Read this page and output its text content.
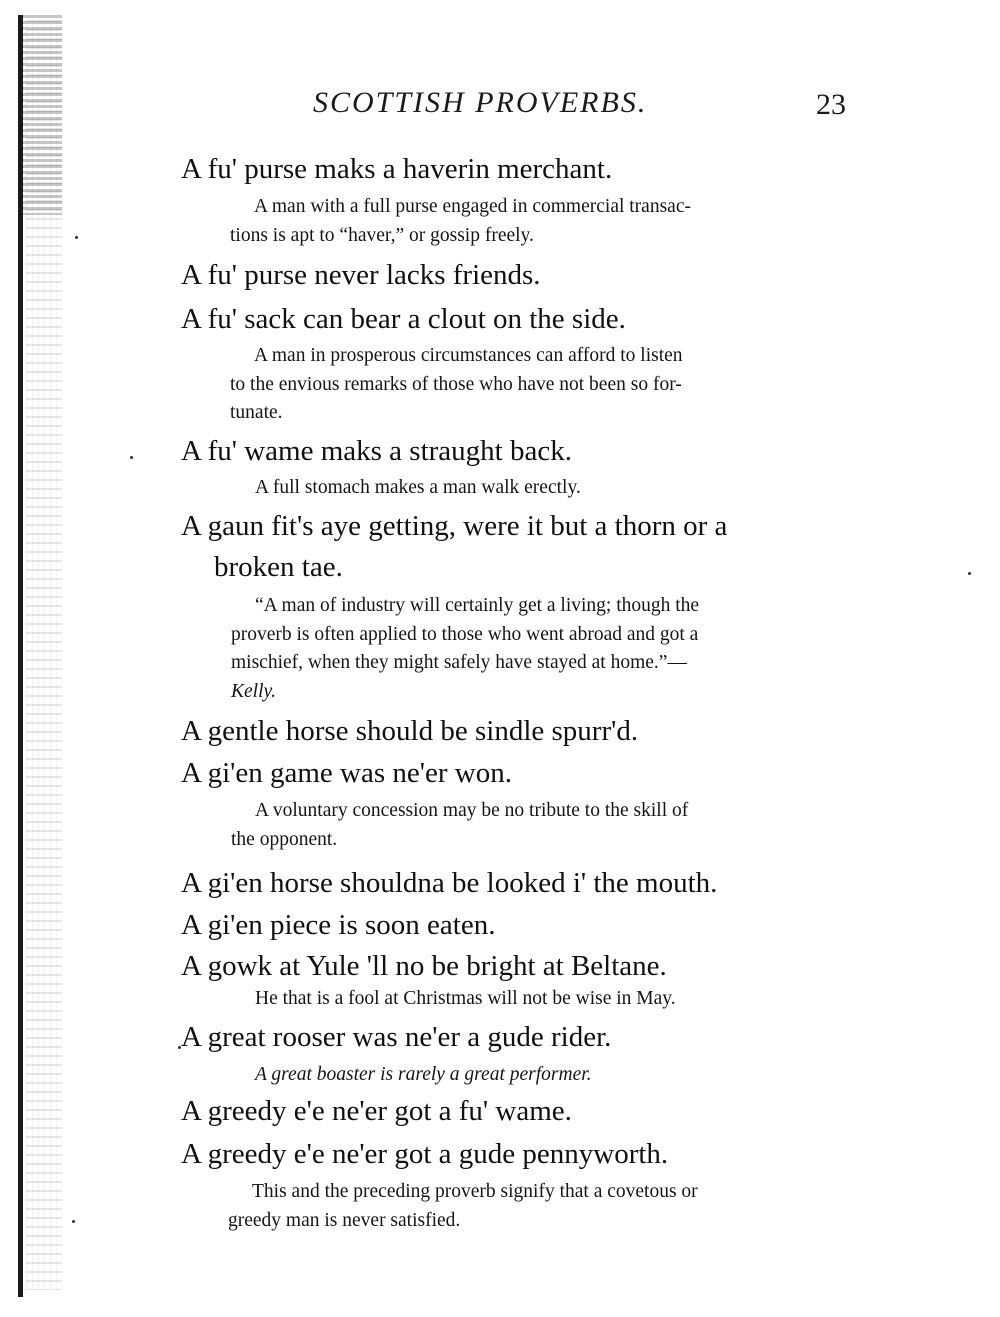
SCOTTISH PROVERBS.	23
A fu' purse maks a haverin merchant.
A man with a full purse engaged in commercial transac-
tions is apt to “haver,” or gossip freely.
A fu' purse never lacks friends.
A fu' sack can bear a clout on the side.
A man in prosperous circumstances can afford to listen
to the envious remarks of those who have not been so for-
tunate.
A fu' wame maks a straught back.
A full stomach makes a man walk erectly.
A gaun fit's aye getting, were it but a thorn or a
broken tae.
“A man of industry will certainly get a living; though the
proverb is often applied to those who went abroad and got a
mischief, when they might safely have stayed at home.”—
Kelly.
A gentle horse should be sindle spurr'd.
A gi'en game was ne'er won.
A voluntary concession may be no tribute to the skill of
the opponent.
A gi'en horse shouldna be looked i' the mouth.
A gi'en piece is soon eaten.
A gowk at Yule 'll no be bright at Beltane.
He that is a fool at Christmas will not be wise in May.
A great rooser was ne'er a gude rider.
A great boaster is rarely a great performer.
A greedy e'e ne'er got a fu' wame.
A greedy e'e ne'er got a gude pennyworth.
This and the preceding proverb signify that a covetous or
greedy man is never satisfied.
